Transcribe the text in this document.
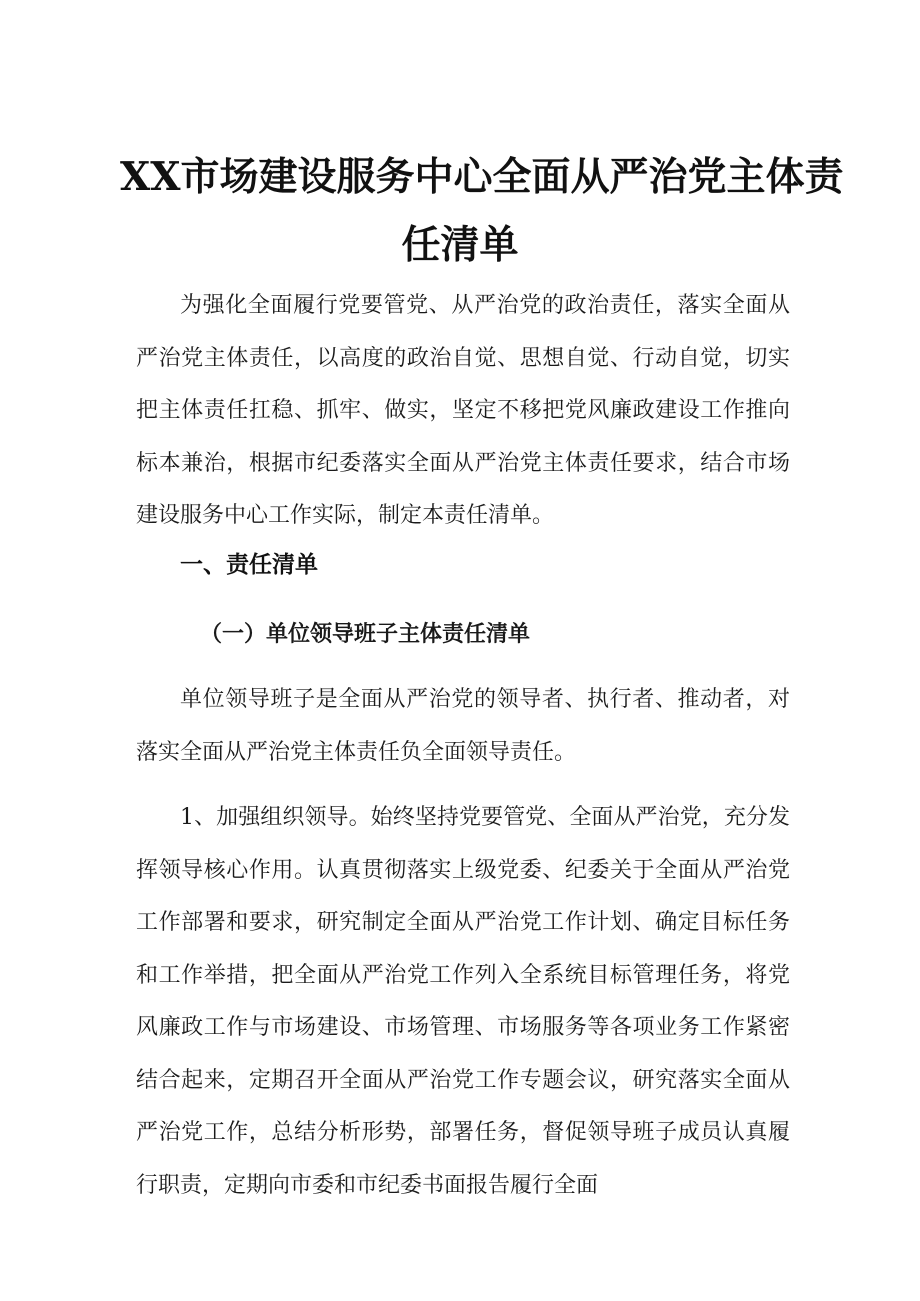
XX市场建设服务中心全面从严治党主体责
任清单

为强化全面履行党要管党、从严治党的政治责任，落实全面从严治党主体责任，以高度的政治自觉、思想自觉、行动自觉，切实把主体责任扛稳、抓牢、做实，坚定不移把党风廉政建设工作推向标本兼治，根据市纪委落实全面从严治党主体责任要求，结合市场建设服务中心工作实际，制定本责任清单。

一、责任清单
（一）单位领导班子主体责任清单

单位领导班子是全面从严治党的领导者、执行者、推动者，对落实全面从严治党主体责任负全面领导责任。

1、加强组织领导。始终坚持党要管党、全面从严治党，充分发挥领导核心作用。认真贯彻落实上级党委、纪委关于全面从严治党工作部署和要求，研究制定全面从严治党工作计划、确定目标任务和工作举措，把全面从严治党工作列入全系统目标管理任务，将党风廉政工作与市场建设、市场管理、市场服务等各项业务工作紧密结合起来，定期召开全面从严治党工作专题会议，研究落实全面从严治党工作，总结分析形势，部署任务，督促领导班子成员认真履行职责，定期向市委和市纪委书面报告履行全面
